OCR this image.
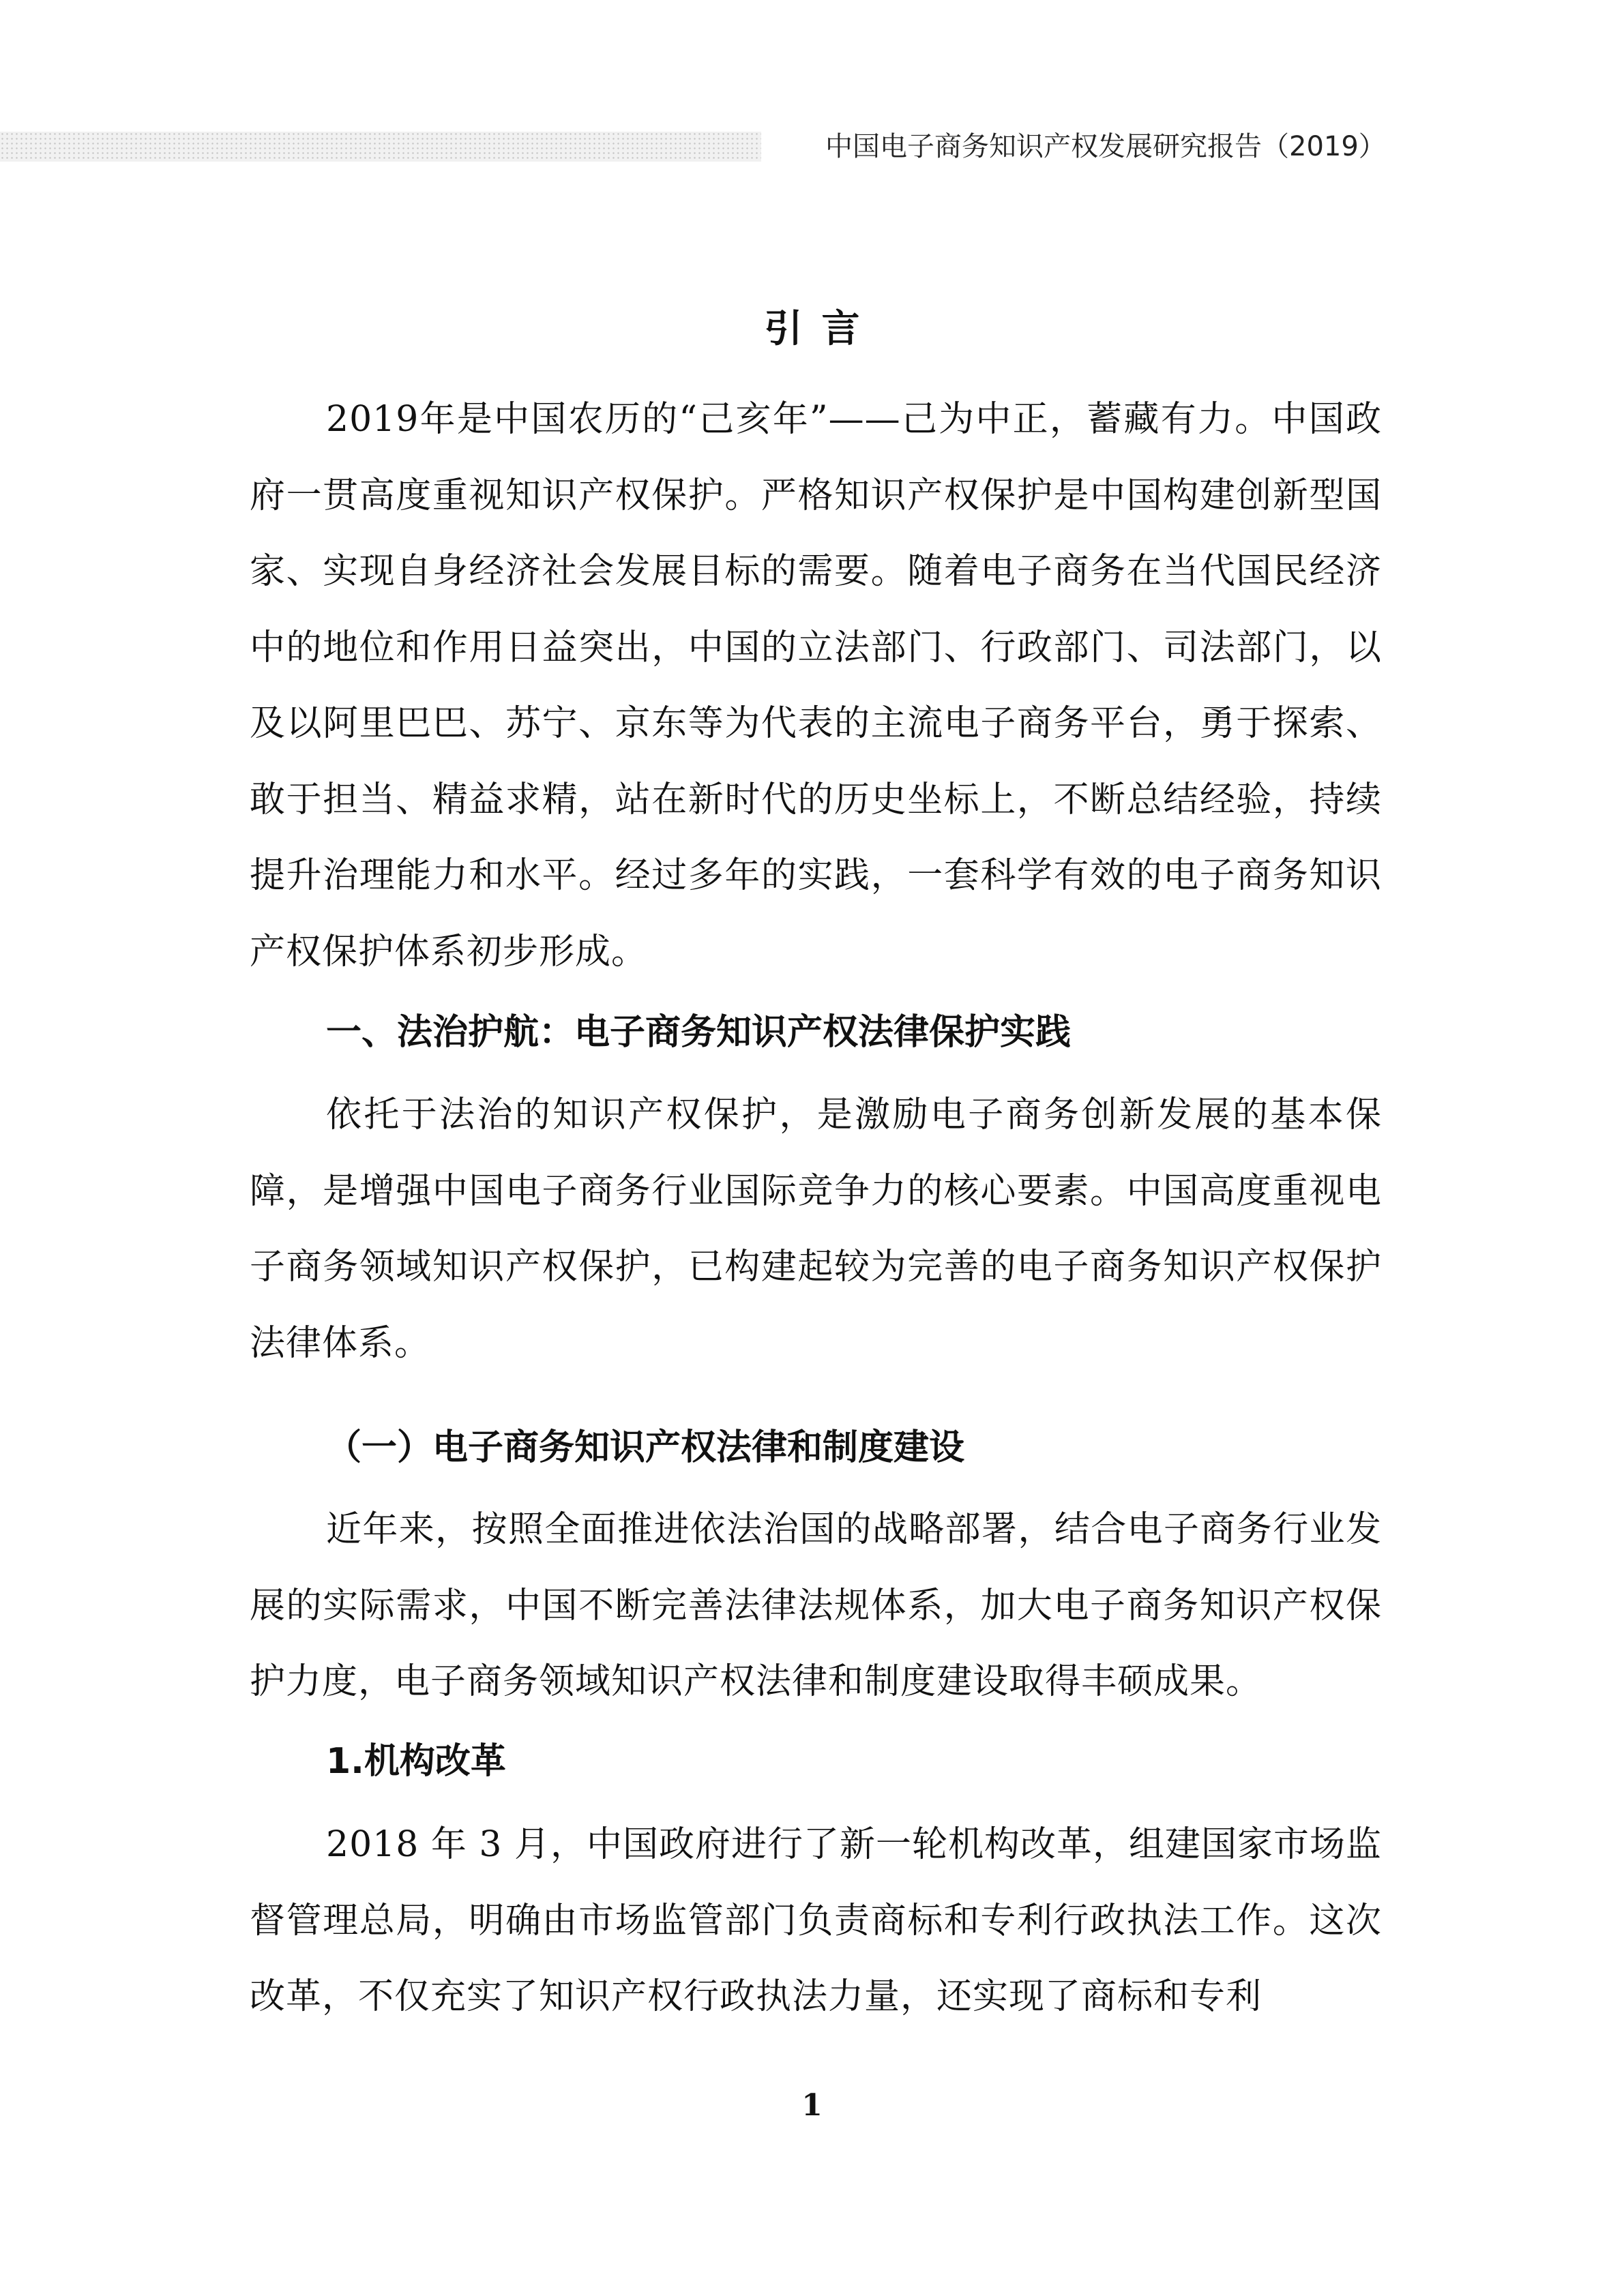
中国电子商务知识产权发展研究报告（2019）
引言

2019年是中国农历的“己亥年”——己为中正，蓄藏有力。中国政府一贯高度重视知识产权保护。严格知识产权保护是中国构建创新型国家、实现自身经济社会发展目标的需要。随着电子商务在当代国民经济中的地位和作用日益突出，中国的立法部门、行政部门、司法部门，以及以阿里巴巴、苏宁、京东等为代表的主流电子商务平台，勇于探索、敢于担当、精益求精，站在新时代的历史坐标上，不断总结经验，持续提升治理能力和水平。经过多年的实践，一套科学有效的电子商务知识产权保护体系初步形成。

一、法治护航：电子商务知识产权法律保护实践

依托于法治的知识产权保护，是激励电子商务创新发展的基本保障，是增强中国电子商务行业国际竞争力的核心要素。中国高度重视电子商务领域知识产权保护，已构建起较为完善的电子商务知识产权保护法律体系。

（一）电子商务知识产权法律和制度建设

近年来，按照全面推进依法治国的战略部署，结合电子商务行业发展的实际需求，中国不断完善法律法规体系，加大电子商务知识产权保护力度，电子商务领域知识产权法律和制度建设取得丰硕成果。

1.机构改革

2018 年 3 月，中国政府进行了新一轮机构改革，组建国家市场监督管理总局，明确由市场监管部门负责商标和专利行政执法工作。这次改革，不仅充实了知识产权行政执法力量，还实现了商标和专利

1
